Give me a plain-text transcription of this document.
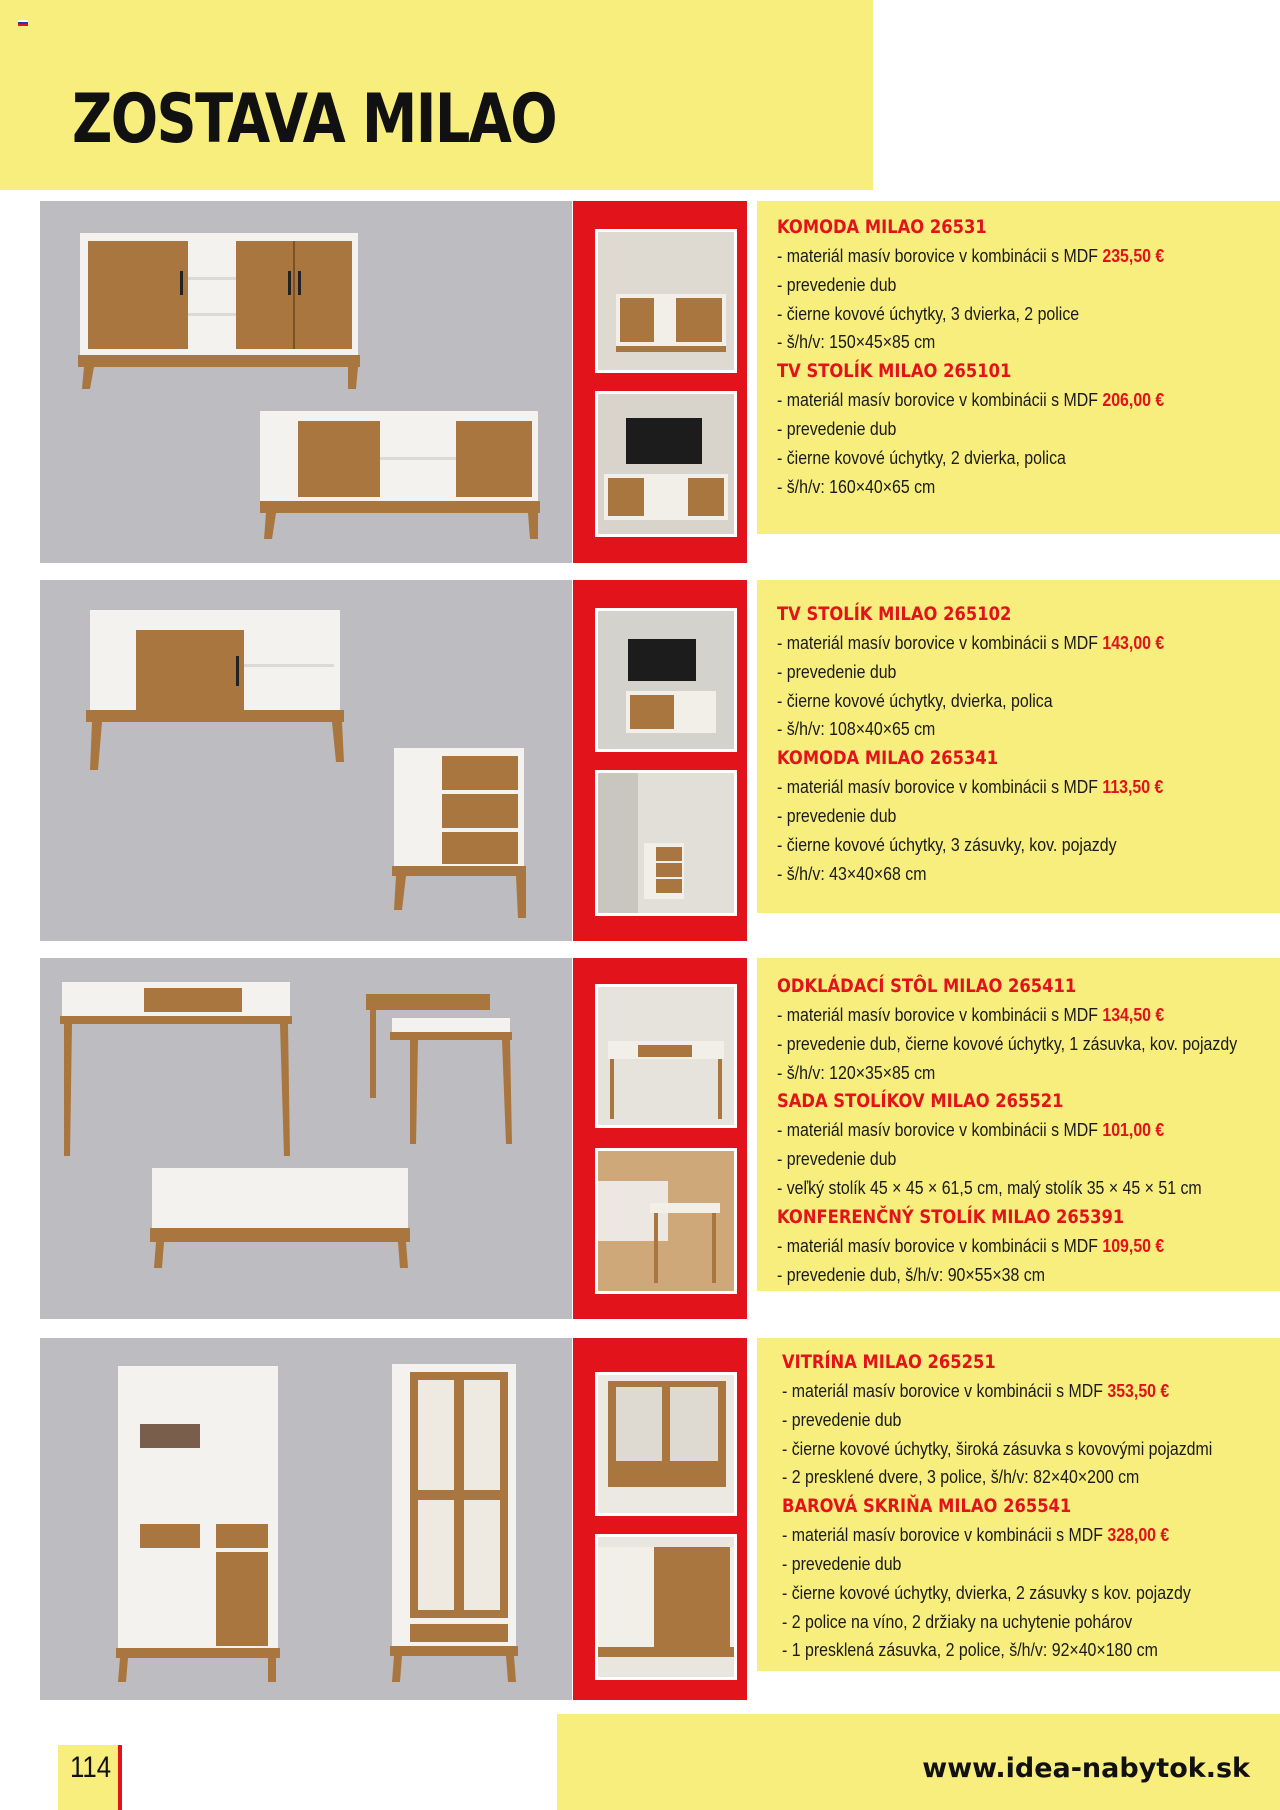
ZOSTAVA MILAO
KOMODA MILAO 26531
- materiál masív borovice v kombinácii s MDF 235,50 €
- prevedenie dub
- čierne kovové úchytky, 3 dvierka, 2 police
- š/h/v: 150×45×85 cm
TV STOLÍK MILAO 265101
- materiál masív borovice v kombinácii s MDF 206,00 €
- prevedenie dub
- čierne kovové úchytky, 2 dvierka, polica
- š/h/v: 160×40×65 cm
TV STOLÍK MILAO 265102
- materiál masív borovice v kombinácii s MDF 143,00 €
- prevedenie dub
- čierne kovové úchytky, dvierka, polica
- š/h/v: 108×40×65 cm
KOMODA MILAO 265341
- materiál masív borovice v kombinácii s MDF 113,50 €
- prevedenie dub
- čierne kovové úchytky, 3 zásuvky, kov. pojazdy
- š/h/v: 43×40×68 cm
ODKLÁDACÍ STÔL MILAO 265411
- materiál masív borovice v kombinácii s MDF 134,50 €
- prevedenie dub, čierne kovové úchytky, 1 zásuvka, kov. pojazdy
- š/h/v: 120×35×85 cm
SADA STOLÍKOV MILAO 265521
- materiál masív borovice v kombinácii s MDF 101,00 €
- prevedenie dub
- veľký stolík 45 × 45 × 61,5 cm, malý stolík 35 × 45 × 51 cm
KONFERENČNÝ STOLÍK MILAO 265391
- materiál masív borovice v kombinácii s MDF 109,50 €
- prevedenie dub, š/h/v: 90×55×38 cm
VITRÍNA MILAO 265251
- materiál masív borovice v kombinácii s MDF 353,50 €
- prevedenie dub
- čierne kovové úchytky, široká zásuvka s kovovými pojazdmi
- 2 presklené dvere, 3 police, š/h/v: 82×40×200 cm
BAROVÁ SKRIŇA MILAO 265541
- materiál masív borovice v kombinácii s MDF 328,00 €
- prevedenie dub
- čierne kovové úchytky, dvierka, 2 zásuvky s kov. pojazdy
- 2 police na víno, 2 držiaky na uchytenie pohárov
- 1 presklená zásuvka, 2 police, š/h/v: 92×40×180 cm
114	www.idea-nabytok.sk
